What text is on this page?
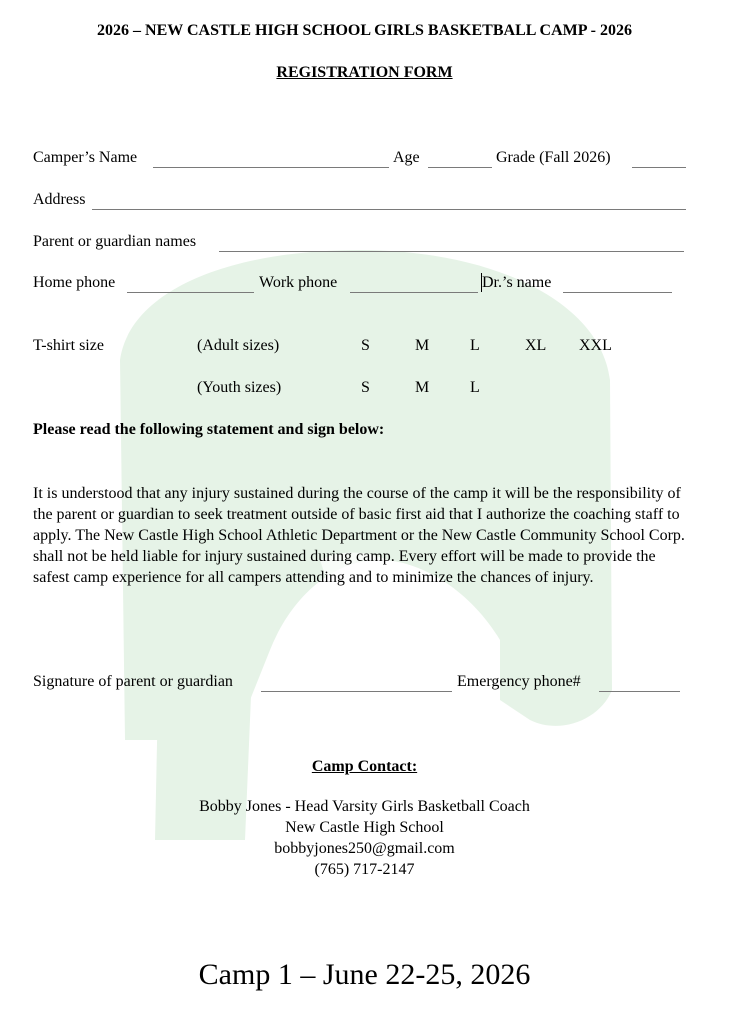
2026 – NEW CASTLE HIGH SCHOOL GIRLS BASKETBALL CAMP - 2026
REGISTRATION FORM
Camper’s Name	Age	Grade (Fall 2026)
Address
Parent or guardian names
Home phone	Work phone	Dr.’s name
T-shirt size	(Adult sizes)	S	M	L	XL XXL
(Youth sizes)	S	M	L
Please read the following statement and sign below:
It is understood that any injury sustained during the course of the camp it will be the responsibility of the parent or guardian to seek treatment outside of basic first aid that I authorize the coaching staff to apply. The New Castle High School Athletic Department or the New Castle Community School Corp. shall not be held liable for injury sustained during camp. Every effort will be made to provide the safest camp experience for all campers attending and to minimize the chances of injury.
Signature of parent or guardian	Emergency phone#
Camp Contact:
Bobby Jones - Head Varsity Girls Basketball Coach
New Castle High School
bobbyjones250@gmail.com
(765) 717-2147
Camp 1 – June 22-25, 2026
